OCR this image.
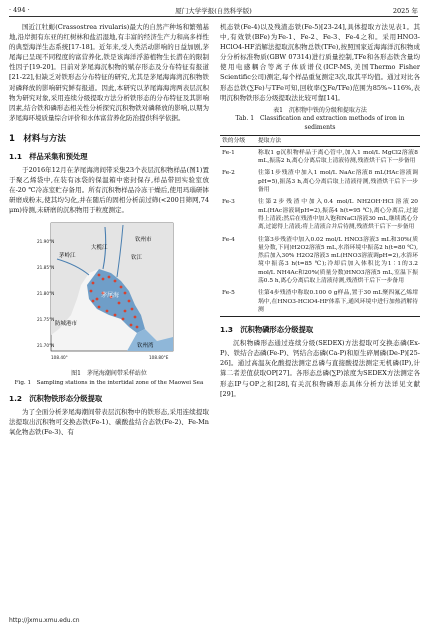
· 494 ·	厦门大学学报(自然科学版)	2025 年

国近江牡蛎(Crassostrea rivularis)最大的自然产种场和繁殖基地,沿岸拥有东亚的红树林和盐沼湿地,有丰富的经济生产力和高多样性的典型海洋生态系统[17-18]。近年来,受人类活动影响的日益加剧,茅尾海已呈现不同程度的富营养化,铁是该海洋浮游植物生长潜在的限制性因子[19-20]。目前对茅尾海沉积物的赋存形态及分布特征有报道[21-22],但缺乏对铁形态分布特征的研究,尤其是茅尾海海湾沉积物铁对磷释放的影响研究鲜有报道。因此,本研究以茅尾海海湾两表层沉积物为研究对象,采用连续分级提取方法分析铁形态的分布特征及其影响因素,结合铁和磷形态相关性分析探究沉积物铁对磷释放的影响,以期为茅尾海环境质量综合评价和水体富营养化防治提供科学依据。

1　材料与方法
1.1　样品采集和预处理

于2016年12月在茅尾海湾间带采集23个表层沉积物样品(图1)置于聚乙烯袋中,在装有冰袋的保温箱中密封保存,样品带回实验室放在-20 ℃冷冻室贮存备用。所有沉积物样品冷冻干燥后,使用玛瑙研钵研磨成粉末,使其均匀化,并在随后的固相分析前过筛(<200目筛网,74 μm)待测,未研磨的沉积物用于粒度测定。

钦州市
茅岭江
大榄江
钦江
茅尾海
防城港市
钦州湾
21.90°N
21.85°N
21.80°N
21.75°N
21.70°N
108.40°	108.80°E
图1　茅尾海潮间带采样站位
Fig. 1　Sampling stations in the intertidal zone of the Maowei Sea
1.2　沉积物铁形态分级提取

为了全面分析茅尾海潮间带表层沉积物中的铁形态,采用连续提取法提取出沉积物可交换态铁(Fe-1)、碳酸盐结合态铁(Fe-2)、Fe-Mn氧化物态铁(Fe-3)、有

机态铁(Fe-4)以及残渣态铁(Fe-5)[23-24],具体提取方法见表1。其中,有效铁(BFe)为Fe-1、Fe-2、Fe-3、Fe-4之和。采用HNO3-HClO4-HF消解法提取沉积物总铁(TFe),按照国家近海海洋沉积物成分分析标准物质(GBW 07314)进行质量控制,TFe和各形态铁含量均使用电感耦合等离子体质谱仪(ICP-MS,美国Thermo Fisher Scientific公司)测定,每个样品重复测定3次,取其平均值。通过对比各形态总铁(∑Fe)与TFe可知,回收率(∑Fe/TFe)范围为85%~116%,表明沉积物铁形态分级提取法比较可靠[14]。

表1　沉积物中铁的分级和提取方法
Tab. 1　Classification and extraction methods of iron in sediments
铁的分级	提取方法
Fe-1	称取1 g沉积物样品于离心管中,加入1 mol/L MgCl2溶液8 mL,振荡2 h,离心分离后取上清液待测,残渣烘干后下一步备用
Fe-2	往第1步残渣中加入1 mol/L NaAc溶液8 mL(HAc溶液调pH=5),振荡3 h,离心分离后取上清液待测,残渣烘干后下一步备用
Fe-3	往第2步残渣中加入0.4 mol/L NH2OH·HCl溶液20 mL(HAc溶液调pH=2),振荡4 h(t=95 ℃),离心分离后,过滤得上清液;然后在残渣中加入饱和NaCl溶液30 mL,继续离心分离,过滤得上清液;将上清液合并后待测,残渣烘干后下一步备用
Fe-4	往第3步残渣中加入0.02 mol/L HNO3溶液3 mL和30%(质量分数,下同)H2O2溶液5 mL,水浴环境中振荡2 h(t=80 ℃),然后加入30% H2O2溶液3 mL(HNO3溶液调pH=2),水浴环境中振荡3 h(t=85 ℃);冷却后加入体积比为1∶1的3.2 mol/L NH4Ac和20%(质量分数)HNO3溶液5 mL,室温下振荡0.5 h,离心分离后取上清液待测,残渣烘干后下一步备用
Fe-5	往第4步残渣中称取0.100 0 g样品,置于30 mL聚四氟乙烯坩埚中,在HNO3-HClO4-HF体系下,通风环境中进行加热消解待测
1.3　沉积物磷形态分级提取

沉积物磷形态通过连续分级(SEDEX)方法提取可交换态磷(Ex-P)、铁结合态磷(Fe-P)、钙结合态磷(Ca-P)和原生碎屑磷(De-P)[25-26]。通过高温灰化酸提法测定总磷与直接酸提法测定无机磷(IP),计算二者差值获取OP[27]。各形态总磷(∑P)浓度为SEDEX方法测定各形态IP与OP之和[28],有关沉积物磷形态具体分析方法详见文献[29]。

http://jxmu.xmu.edu.cn
